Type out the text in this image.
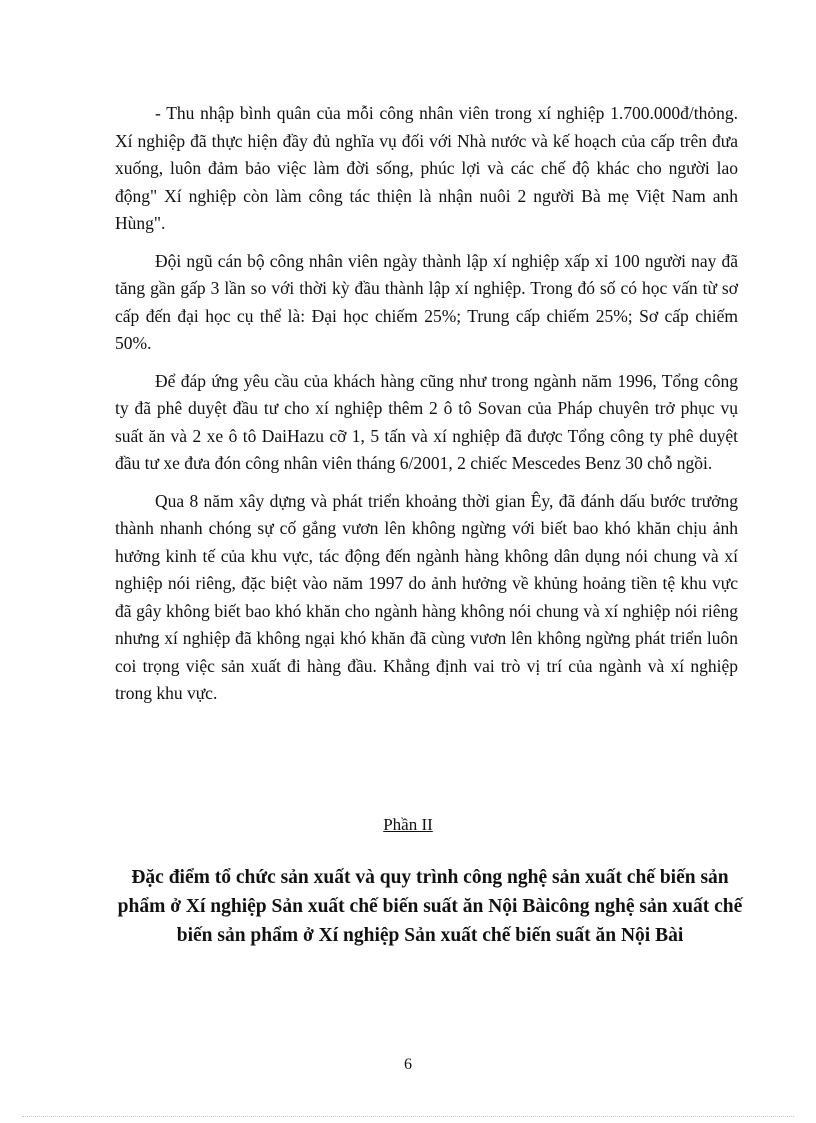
- Thu nhập bình quân của mỗi công nhân viên trong xí nghiệp 1.700.000đ/thỏng. Xí nghiệp đã thực hiện đầy đủ nghĩa vụ đối với Nhà nước và kế hoạch của cấp trên đưa xuống, luôn đảm bảo việc làm đời sống, phúc lợi và các chế độ khác cho người lao động" Xí nghiệp còn làm công tác thiện là nhận nuôi 2 người Bà mẹ Việt Nam anh Hùng".

Đội ngũ cán bộ công nhân viên ngày thành lập xí nghiệp xấp xỉ 100 người nay đã tăng gần gấp 3 lần so với thời kỳ đầu thành lập xí nghiệp. Trong đó số có học vấn từ sơ cấp đến đại học cụ thể là: Đại học chiếm 25%; Trung cấp chiếm 25%; Sơ cấp chiếm 50%.

Để đáp ứng yêu cầu của khách hàng cũng như trong ngành năm 1996, Tổng công ty đã phê duyệt đầu tư cho xí nghiệp thêm 2 ô tô Sovan của Pháp chuyên trở phục vụ suất ăn và 2 xe ô tô DaiHazu cỡ 1, 5 tấn và xí nghiệp đã được Tổng công ty phê duyệt đầu tư xe đưa đón công nhân viên tháng 6/2001, 2 chiếc Mescedes Benz 30 chỗ ngồi.

Qua 8 năm xây dựng và phát triển khoảng thời gian Êy, đã đánh dấu bước trưởng thành nhanh chóng sự cố gắng vươn lên không ngừng với biết bao khó khăn chịu ảnh hưởng kinh tế của khu vực, tác động đến ngành hàng không dân dụng nói chung và xí nghiệp nói riêng, đặc biệt vào năm 1997 do ảnh hưởng về khủng hoảng tiền tệ khu vực đã gây không biết bao khó khăn cho ngành hàng không nói chung và xí nghiệp nói riêng nhưng xí nghiệp đã không ngại khó khăn đã cùng vươn lên không ngừng phát triển luôn coi trọng việc sản xuất đi hàng đầu. Khẳng định vai trò vị trí của ngành và xí nghiệp trong khu vực.

Phần II
Đặc điểm tổ chức sản xuất và quy trình công nghệ sản xuất chế biến sản phẩm ở Xí nghiệp Sản xuất chế biến suất ăn Nội Bàicông nghệ sản xuất chế biến sản phẩm ở Xí nghiệp Sản xuất chế biến suất ăn Nội Bài
6
